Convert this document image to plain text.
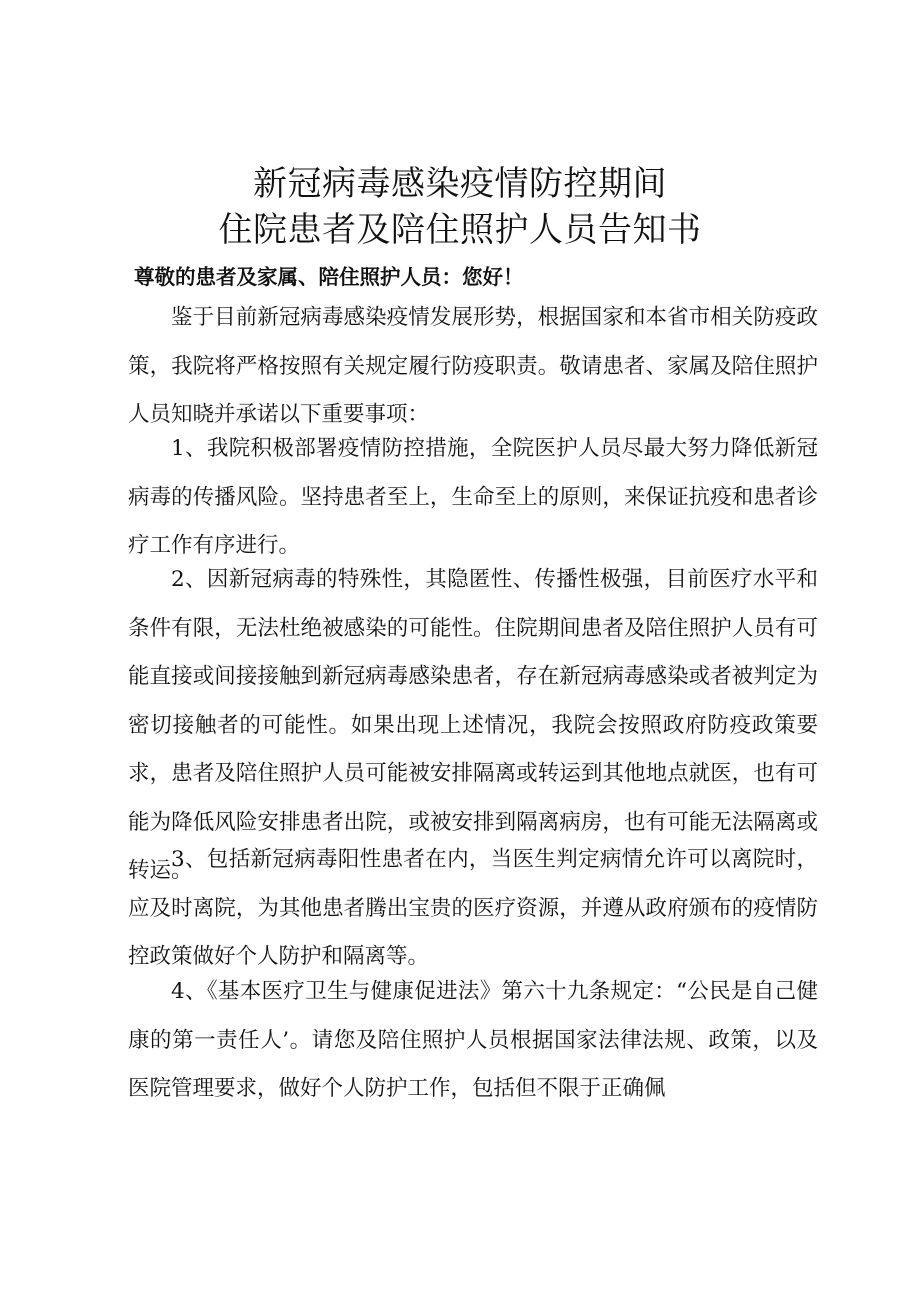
新冠病毒感染疫情防控期间
住院患者及陪住照护人员告知书
尊敬的患者及家属、陪住照护人员：您好！

鉴于目前新冠病毒感染疫情发展形势，根据国家和本省市相关防疫政策，我院将严格按照有关规定履行防疫职责。敬请患者、家属及陪住照护人员知晓并承诺以下重要事项：

1、我院积极部署疫情防控措施，全院医护人员尽最大努力降低新冠病毒的传播风险。坚持患者至上，生命至上的原则，来保证抗疫和患者诊疗工作有序进行。

2、因新冠病毒的特殊性，其隐匿性、传播性极强，目前医疗水平和条件有限，无法杜绝被感染的可能性。住院期间患者及陪住照护人员有可能直接或间接接触到新冠病毒感染患者，存在新冠病毒感染或者被判定为密切接触者的可能性。如果出现上述情况，我院会按照政府防疫政策要求，患者及陪住照护人员可能被安排隔离或转运到其他地点就医，也有可能为降低风险安排患者出院，或被安排到隔离病房，也有可能无法隔离或转运。

3、包括新冠病毒阳性患者在内，当医生判定病情允许可以离院时，应及时离院，为其他患者腾出宝贵的医疗资源，并遵从政府颁布的疫情防控政策做好个人防护和隔离等。

4、《基本医疗卫生与健康促进法》第六十九条规定：“公民是自己健康的第一责任人’。请您及陪住照护人员根据国家法律法规、政策，以及医院管理要求，做好个人防护工作，包括但不限于正确佩
